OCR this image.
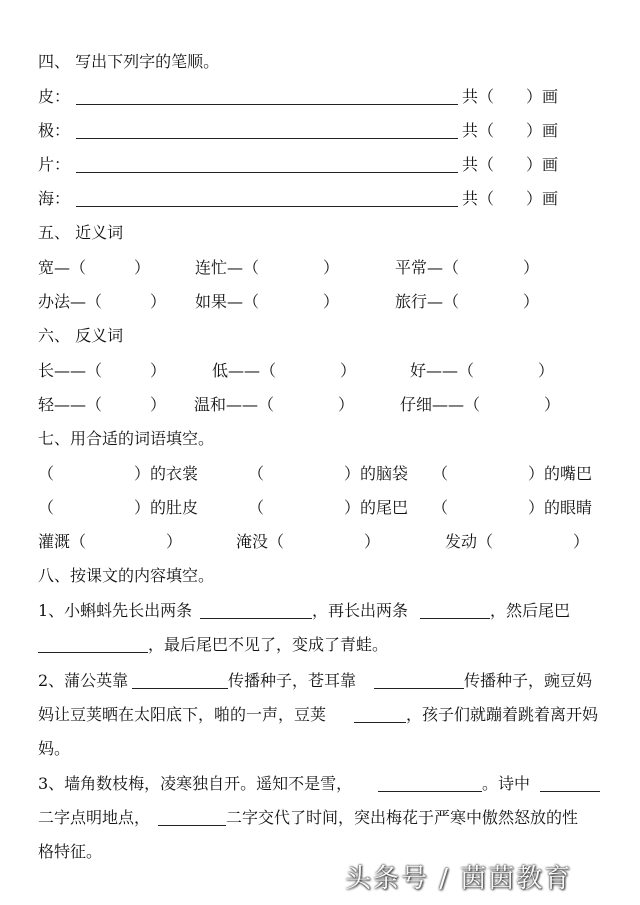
四、 写出下列字的笔顺。
皮：	共（　　）画
极：	共（　　）画
片：	共（　　）画
海：	共（　　）画
五、 近义词
宽—（　　　）	连忙—（　　　　）	平常—（　　　　）
办法—（　　　） 如果—（　　　　）	旅行—（　　　　）
六、 反义词
长——（　　　）	低——（　　　　）	好——（　　　　）
轻——（　　　） 温和——（　　　　）	仔细——（　　　　）
七、用合适的词语填空。
（　　　　　）的衣裳	（　　　　　）的脑袋 （　　　　　）的嘴巴
（　　　　　）的肚皮	（　　　　　）的尾巴 （　　　　　）的眼睛
灌溉（　　　　　）	淹没（　　　　　）	发动（　　　　　）
八、按课文的内容填空。
1、小蝌蚪先长出两条	，再长出两条	，然后尾巴
，最后尾巴不见了，变成了青蛙。
2、蒲公英靠	传播种子，苍耳靠	传播种子，豌豆妈
妈让豆荚晒在太阳底下，啪的一声，豆荚	，孩子们就蹦着跳着离开妈
妈。
3、墙角数枝梅，凌寒独自开。遥知不是雪，	。诗中
二字点明地点，	二字交代了时间，突出梅花于严寒中傲然怒放的性
格特征。
头条号 / 茵茵教育
